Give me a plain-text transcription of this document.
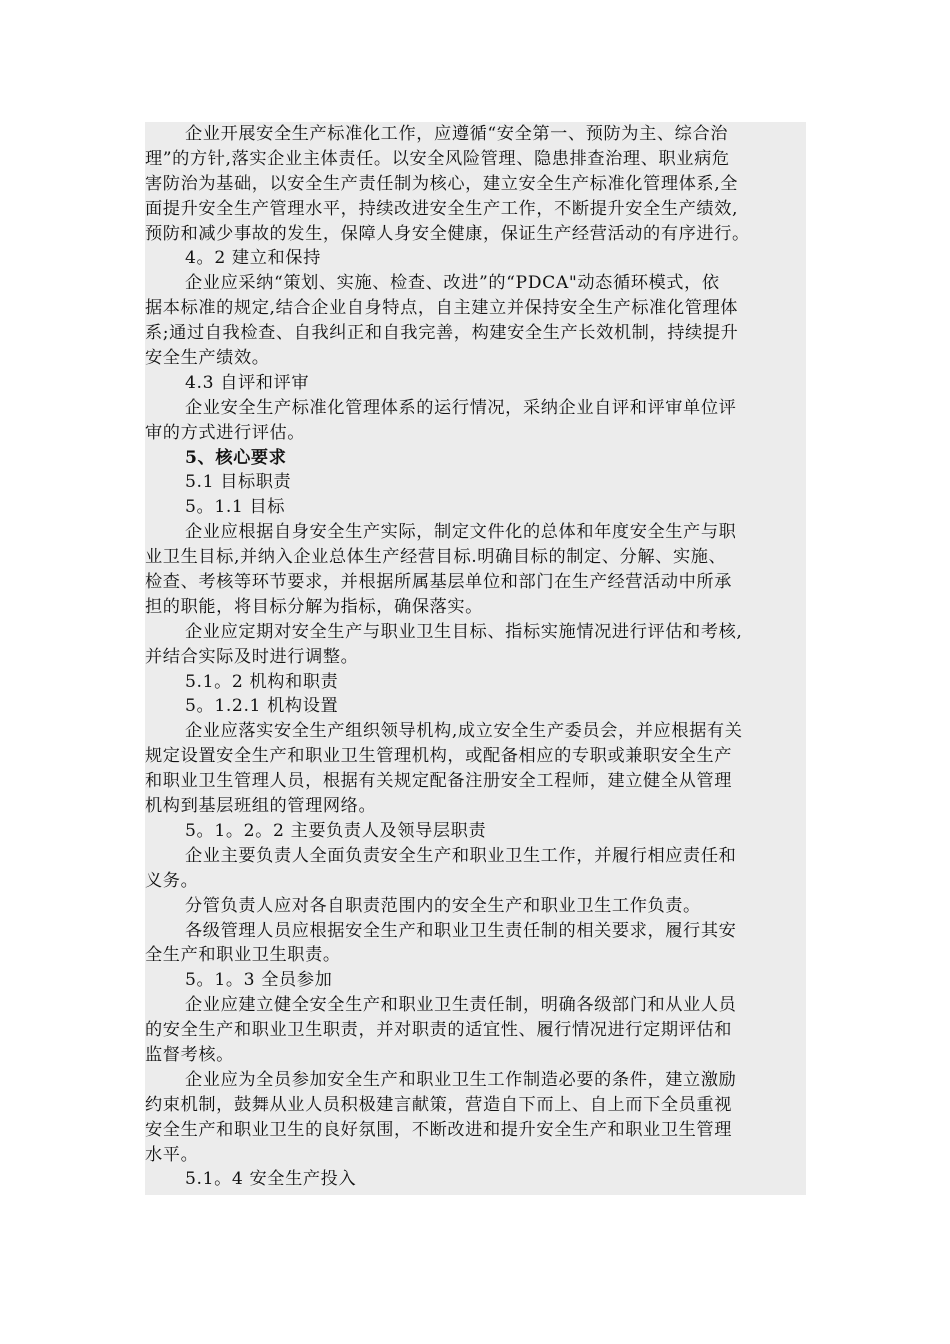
企业开展安全生产标准化工作，应遵循“安全第一、预防为主、综合治
理”的方针,落实企业主体责任。以安全风险管理、隐患排查治理、职业病危
害防治为基础，以安全生产责任制为核心，建立安全生产标准化管理体系,全
面提升安全生产管理水平，持续改进安全生产工作，不断提升安全生产绩效,
预防和减少事故的发生，保障人身安全健康，保证生产经营活动的有序进行。
4。2 建立和保持
企业应采纳“策划、实施、检查、改进”的“PDCA"动态循环模式，依
据本标准的规定,结合企业自身特点，自主建立并保持安全生产标准化管理体
系;通过自我检查、自我纠正和自我完善，构建安全生产长效机制，持续提升
安全生产绩效。
4.3 自评和评审
企业安全生产标准化管理体系的运行情况，采纳企业自评和评审单位评
审的方式进行评估。
5、核心要求
5.1 目标职责
5。1.1 目标
企业应根据自身安全生产实际，制定文件化的总体和年度安全生产与职
业卫生目标,并纳入企业总体生产经营目标.明确目标的制定、分解、实施、
检查、考核等环节要求，并根据所属基层单位和部门在生产经营活动中所承
担的职能，将目标分解为指标，确保落实。
企业应定期对安全生产与职业卫生目标、指标实施情况进行评估和考核,
并结合实际及时进行调整。
5.1。2 机构和职责
5。1.2.1 机构设置
企业应落实安全生产组织领导机构,成立安全生产委员会，并应根据有关
规定设置安全生产和职业卫生管理机构，或配备相应的专职或兼职安全生产
和职业卫生管理人员，根据有关规定配备注册安全工程师，建立健全从管理
机构到基层班组的管理网络。
5。1。2。2 主要负责人及领导层职责
企业主要负责人全面负责安全生产和职业卫生工作，并履行相应责任和
义务。
分管负责人应对各自职责范围内的安全生产和职业卫生工作负责。
各级管理人员应根据安全生产和职业卫生责任制的相关要求，履行其安
全生产和职业卫生职责。
5。1。3 全员参加
企业应建立健全安全生产和职业卫生责任制，明确各级部门和从业人员
的安全生产和职业卫生职责，并对职责的适宜性、履行情况进行定期评估和
监督考核。
企业应为全员参加安全生产和职业卫生工作制造必要的条件，建立激励
约束机制，鼓舞从业人员积极建言献策，营造自下而上、自上而下全员重视
安全生产和职业卫生的良好氛围，不断改进和提升安全生产和职业卫生管理
水平。
5.1。4 安全生产投入
